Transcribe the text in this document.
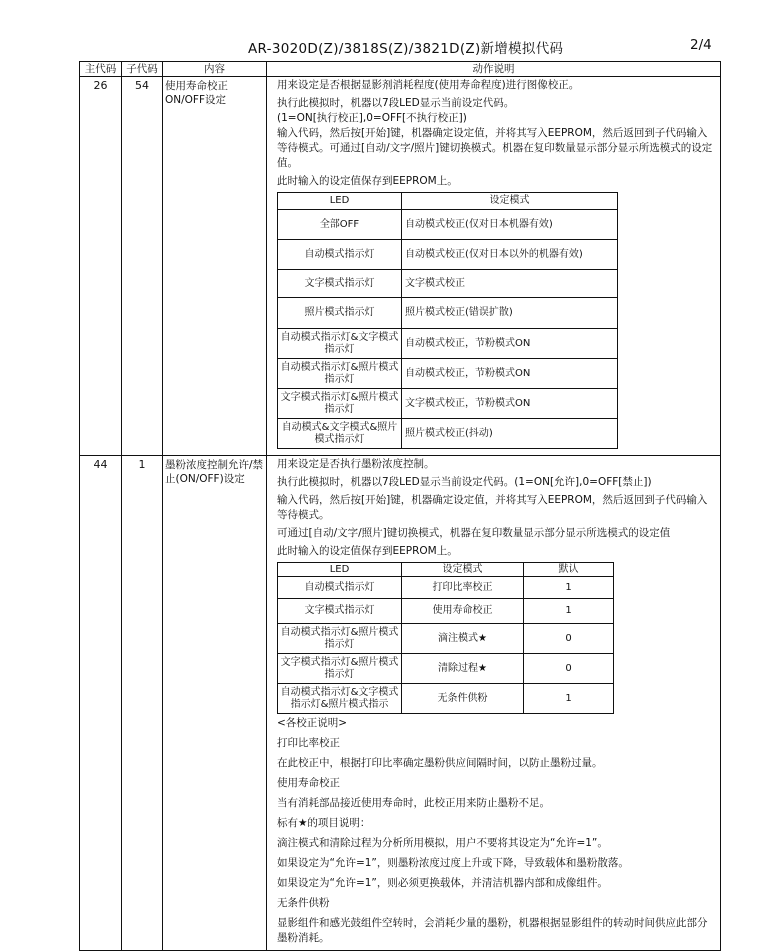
AR-3020D(Z)/3818S(Z)/3821D(Z)新增模拟代码	2/4
主代码	子代码	内容	动作说明
26	54	使用寿命校正ON/OFF设定	

用来设定是否根据显影剂消耗程度(使用寿命程度)进行图像校正。

执行此模拟时，机器以7段LED显示当前设定代码。

(1=ON[执行校正],0=OFF[不执行校正])

输入代码，然后按[开始]键，机器确定设定值，并将其写入EEPROM，然后返回到子代码输入等待模式。可通过[自动/文字/照片]键切换模式。机器在复印数量显示部分显示所选模式的设定值。

此时输入的设定值保存到EEPROM上。

LED	设定模式
全部OFF	自动模式校正(仅对日本机器有效)
自动模式指示灯	自动模式校正(仅对日本以外的机器有效)
文字模式指示灯	文字模式校正
照片模式指示灯	照片模式校正(错误扩散)
自动模式指示灯&文字模式指示灯	自动模式校正，节粉模式ON
自动模式指示灯&照片模式指示灯	自动模式校正，节粉模式ON
文字模式指示灯&照片模式指示灯	文字模式校正，节粉模式ON
自动模式&文字模式&照片模式指示灯	照片模式校正(抖动)

44	1	墨粉浓度控制允许/禁止(ON/OFF)设定	

用来设定是否执行墨粉浓度控制。

执行此模拟时，机器以7段LED显示当前设定代码。(1=ON[允许],0=OFF[禁止])

输入代码，然后按[开始]键，机器确定设定值，并将其写入EEPROM，然后返回到子代码输入等待模式。

可通过[自动/文字/照片]键切换模式，机器在复印数量显示部分显示所选模式的设定值

此时输入的设定值保存到EEPROM上。

LED	设定模式	默认
自动模式指示灯	打印比率校正	1
文字模式指示灯	使用寿命校正	1
自动模式指示灯&照片模式指示灯	滴注模式★	0
文字模式指示灯&照片模式指示灯	清除过程★	0
自动模式指示灯&文字模式指示灯&照片模式指示	无条件供粉	1

<各校正说明>

打印比率校正

在此校正中，根据打印比率确定墨粉供应间隔时间，以防止墨粉过量。

使用寿命校正

当有消耗部品接近使用寿命时，此校正用来防止墨粉不足。

标有★的项目说明：

滴注模式和清除过程为分析所用模拟，用户不要将其设定为“允许=1”。

如果设定为“允许=1”，则墨粉浓度过度上升或下降，导致载体和墨粉散落。

如果设定为“允许=1”，则必须更换载体，并清洁机器内部和成像组件。

无条件供粉

显影组件和感光鼓组件空转时，会消耗少量的墨粉，机器根据显影组件的转动时间供应此部分墨粉消耗。
